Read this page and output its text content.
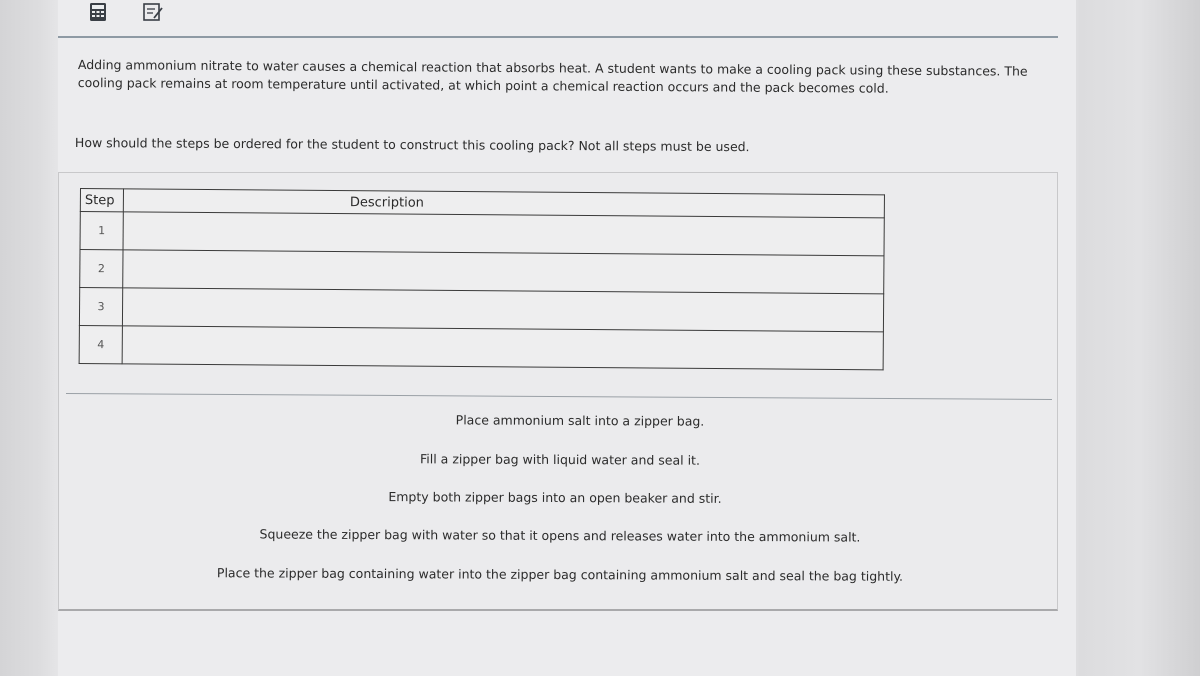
Adding ammonium nitrate to water causes a chemical reaction that absorbs heat. A student wants to make a cooling pack using these substances. The cooling pack remains at room temperature until activated, at which point a chemical reaction occurs and the pack becomes cold.
How should the steps be ordered for the student to construct this cooling pack? Not all steps must be used.
Step	Description
1	
2	
3	
4	
Place ammonium salt into a zipper bag.
Fill a zipper bag with liquid water and seal it.
Empty both zipper bags into an open beaker and stir.
Squeeze the zipper bag with water so that it opens and releases water into the ammonium salt.
Place the zipper bag containing water into the zipper bag containing ammonium salt and seal the bag tightly.
